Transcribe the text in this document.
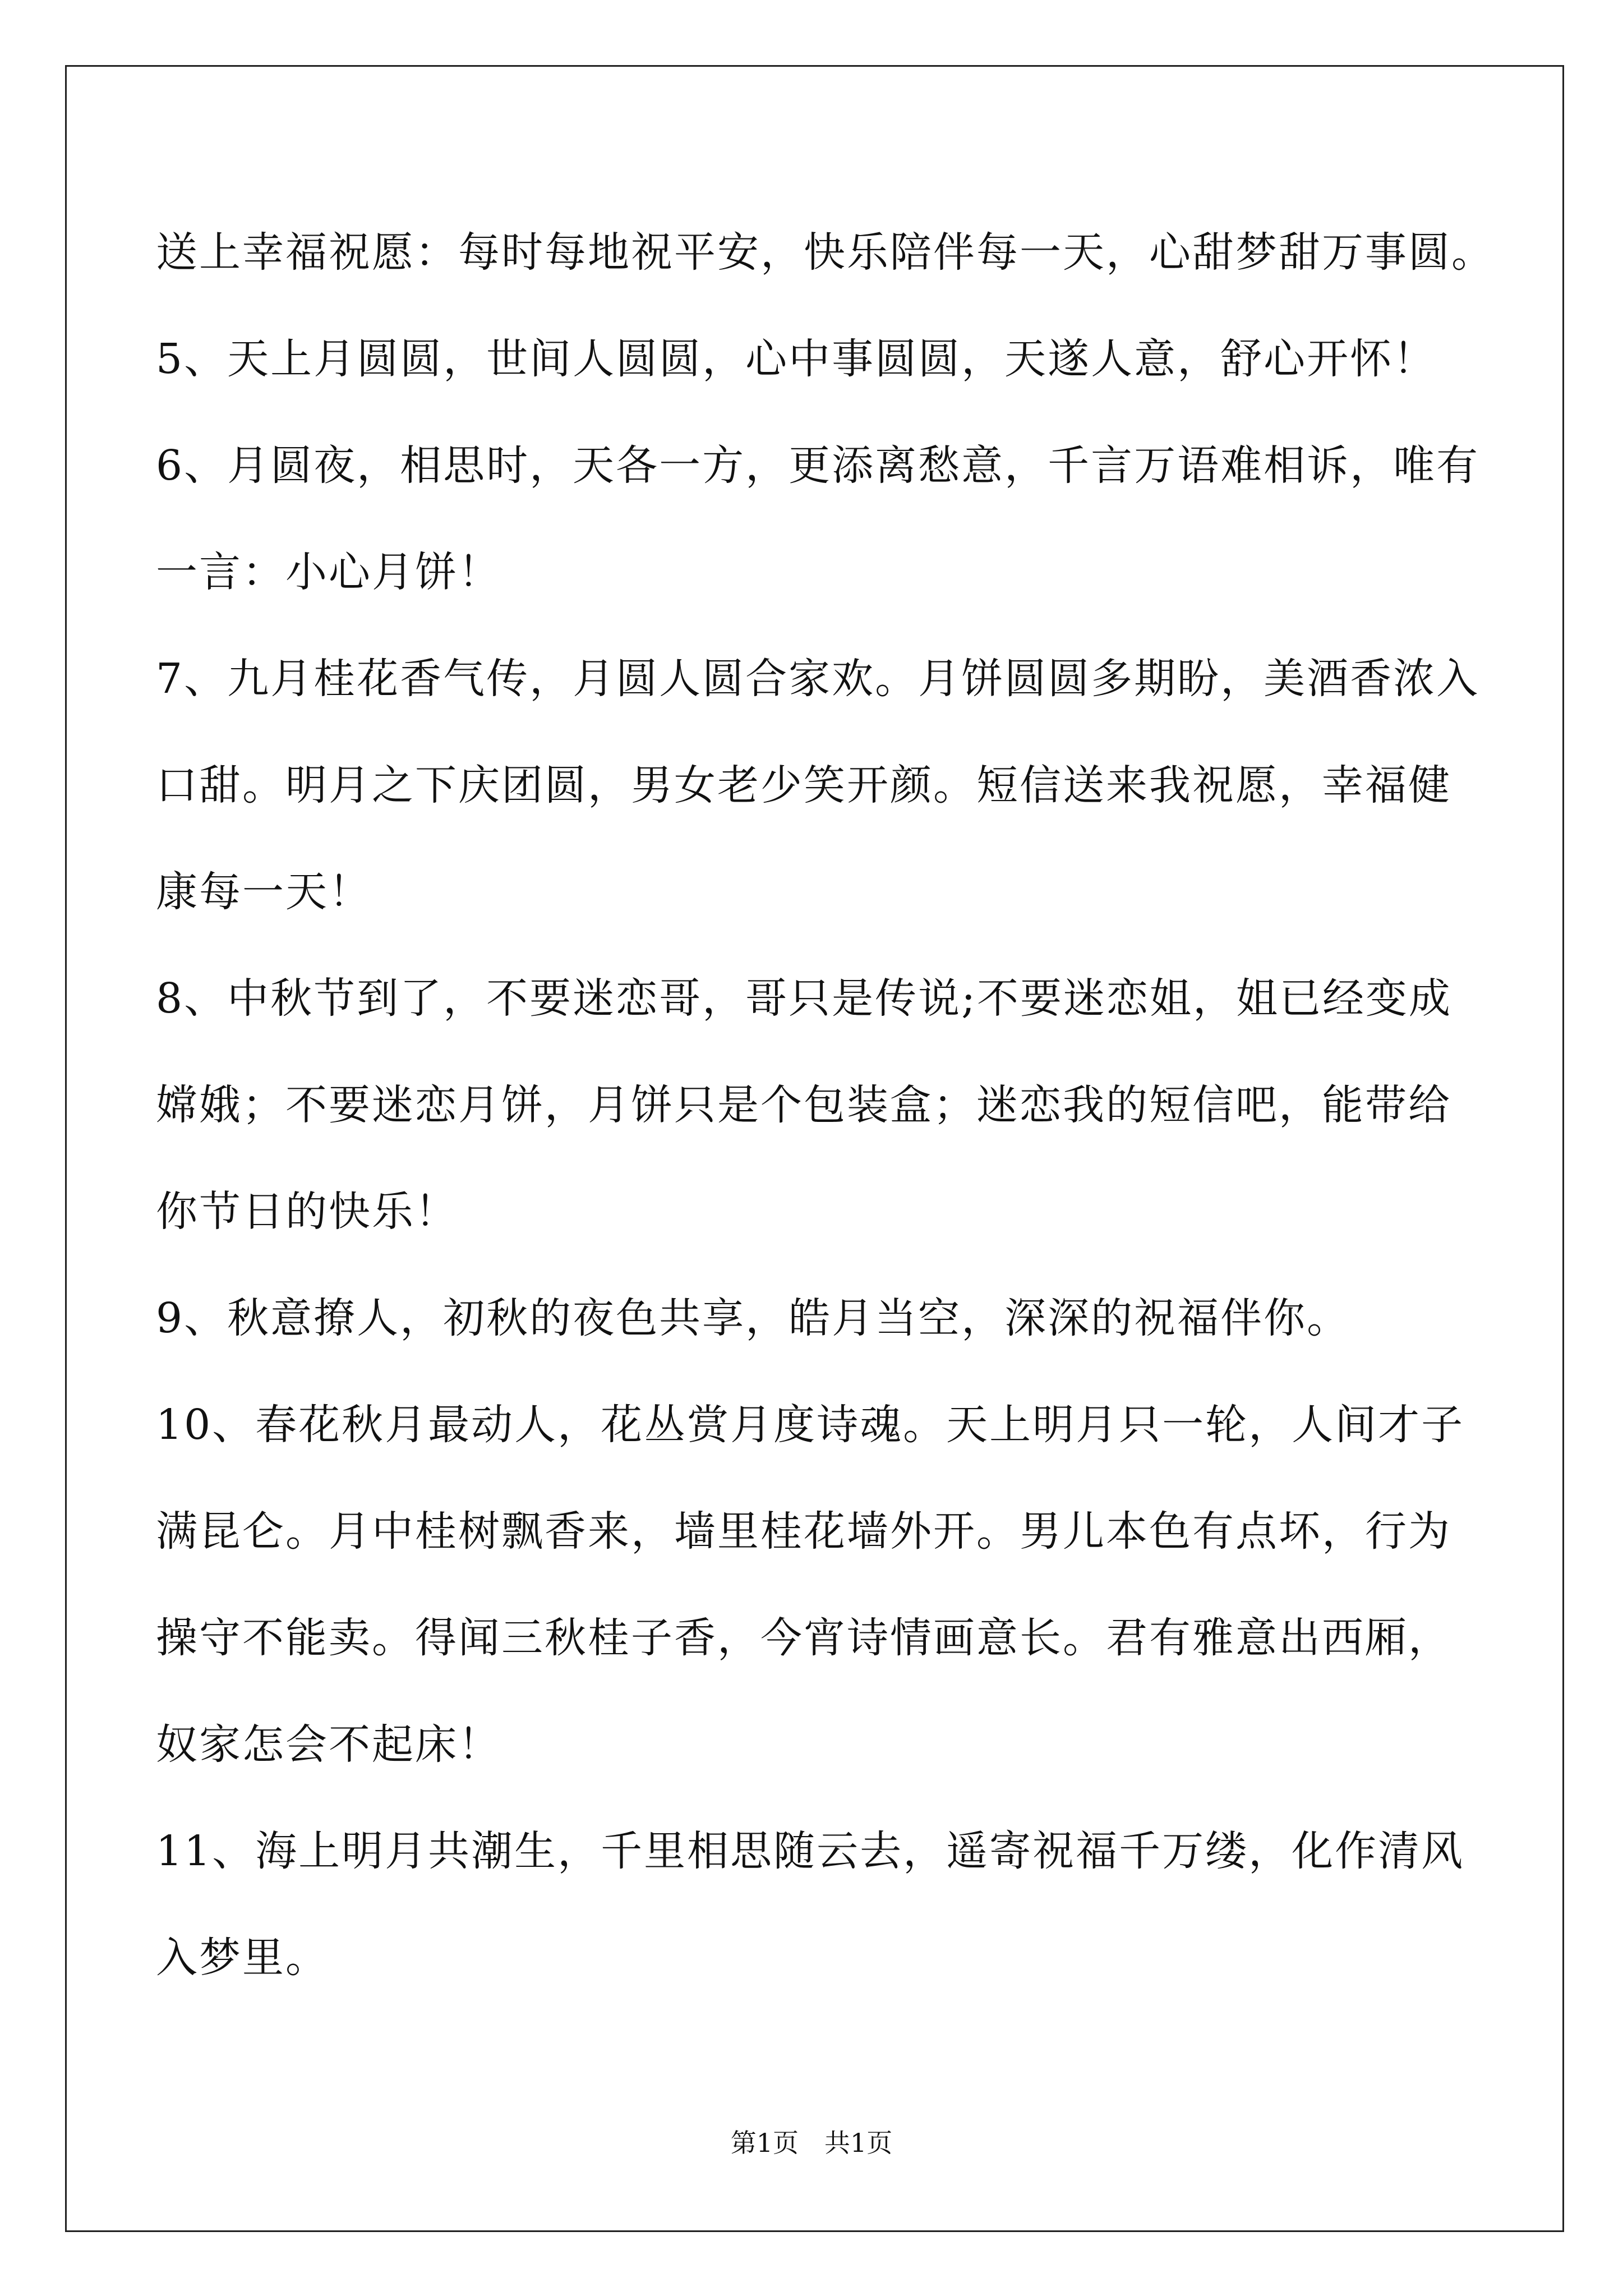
送上幸福祝愿：每时每地祝平安，快乐陪伴每一天，心甜梦甜万事圆。

5、天上月圆圆，世间人圆圆，心中事圆圆，天遂人意，舒心开怀！

6、月圆夜，相思时，天各一方，更添离愁意，千言万语难相诉，唯有

一言：小心月饼！

7、九月桂花香气传，月圆人圆合家欢。月饼圆圆多期盼，美酒香浓入

口甜。明月之下庆团圆，男女老少笑开颜。短信送来我祝愿，幸福健

康每一天！

8、中秋节到了，不要迷恋哥，哥只是传说;不要迷恋姐，姐已经变成

嫦娥；不要迷恋月饼，月饼只是个包装盒；迷恋我的短信吧，能带给

你节日的快乐！

9、秋意撩人，初秋的夜色共享，皓月当空，深深的祝福伴你。

10、春花秋月最动人，花丛赏月度诗魂。天上明月只一轮，人间才子

满昆仑。月中桂树飘香来，墙里桂花墙外开。男儿本色有点坏，行为

操守不能卖。得闻三秋桂子香，今宵诗情画意长。君有雅意出西厢，

奴家怎会不起床！

11、海上明月共潮生，千里相思随云去，遥寄祝福千万缕，化作清风

入梦里。

第1页 共1页
